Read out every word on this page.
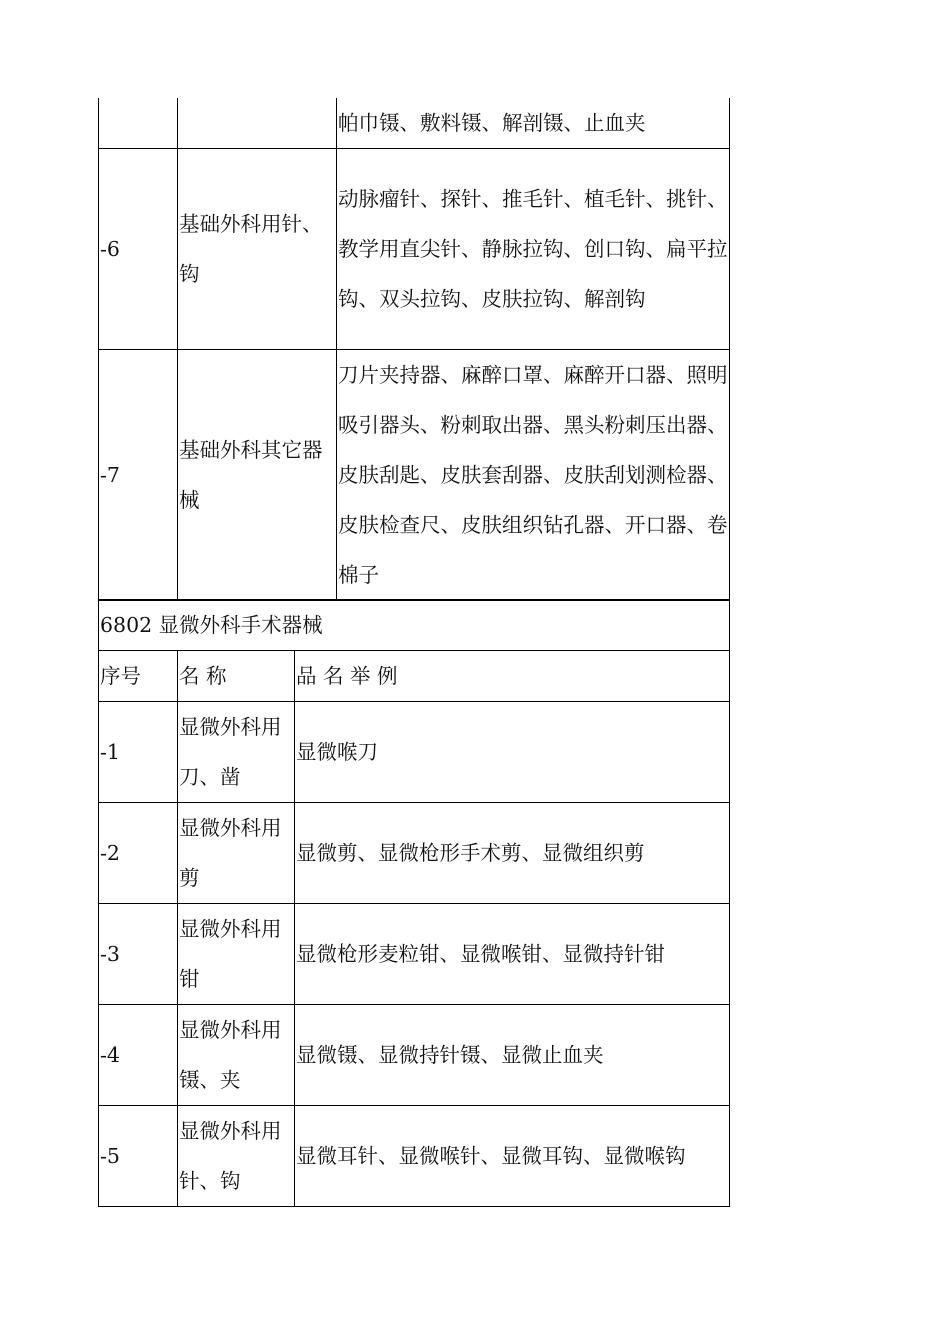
		帕巾镊、敷料镊、解剖镊、止血夹
-6	基础外科用针、钩	动脉瘤针、探针、推毛针、植毛针、挑针、教学用直尖针、静脉拉钩、创口钩、扁平拉钩、双头拉钩、皮肤拉钩、解剖钩
-7	基础外科其它器械	刀片夹持器、麻醉口罩、麻醉开口器、照明吸引器头、粉刺取出器、黑头粉刺压出器、皮肤刮匙、皮肤套刮器、皮肤刮划测检器、皮肤检查尺、皮肤组织钻孔器、开口器、卷棉子
6802 显微外科手术器械		
序号	名 称	品 名 举 例
-1	显微外科用刀、凿	显微喉刀
-2	显微外科用剪	显微剪、显微枪形手术剪、显微组织剪
-3	显微外科用钳	显微枪形麦粒钳、显微喉钳、显微持针钳
-4	显微外科用镊、夹	显微镊、显微持针镊、显微止血夹
-5	显微外科用针、钩	显微耳针、显微喉针、显微耳钩、显微喉钩
